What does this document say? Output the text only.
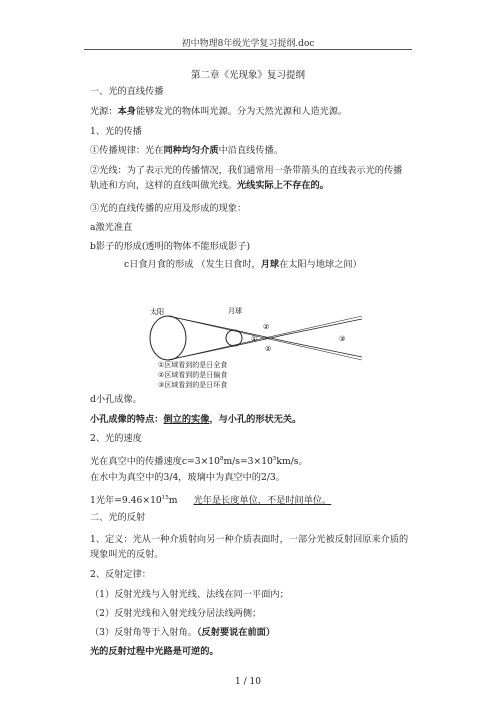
初中物理8年级光学复习提纲.doc
第二章《光现象》复习提纲
一、光的直线传播
光源：本身能够发光的物体叫光源。分为天然光源和人造光源。
1、光的传播
①传播规律：光在同种均匀介质中沿直线传播。
②光线：为了表示光的传播情况，我们通常用一条带箭头的直线表示光的传播轨迹和方向，这样的直线叫做光线。光线实际上不存在的。
③光的直线传播的应用及形成的现象：
a激光准直
b影子的形成(透明的物体不能形成影子)
c日食月食的形成 （发生日食时，月球在太阳与地球之间）
太阳	月球
①
②
②
③
①区域看到的是日全食
②区域看到的是日偏食
③区域看到的是日环食
d小孔成像。
小孔成像的特点：倒立的实像，与小孔的形状无关。
2、光的速度
光在真空中的传播速度$c=3\times 10^8m/s=3\times 10^5km/s$。
在水中为真空中的3/4，玻璃中为真空中的2/3。
1光年$=9.46\times 10^{15}m$ 光年是长度单位，不是时间单位。
二、光的反射
1、定义：光从一种介质射向另一种介质表面时，一部分光被反射回原来介质的现象叫光的反射。
2、反射定律：
（1）反射光线与入射光线、法线在同一平面内；
（2）反射光线和入射光线分居法线两侧；
（3）反射角等于入射角。（反射要说在前面）
光的反射过程中光路是可逆的。
1 / 10
